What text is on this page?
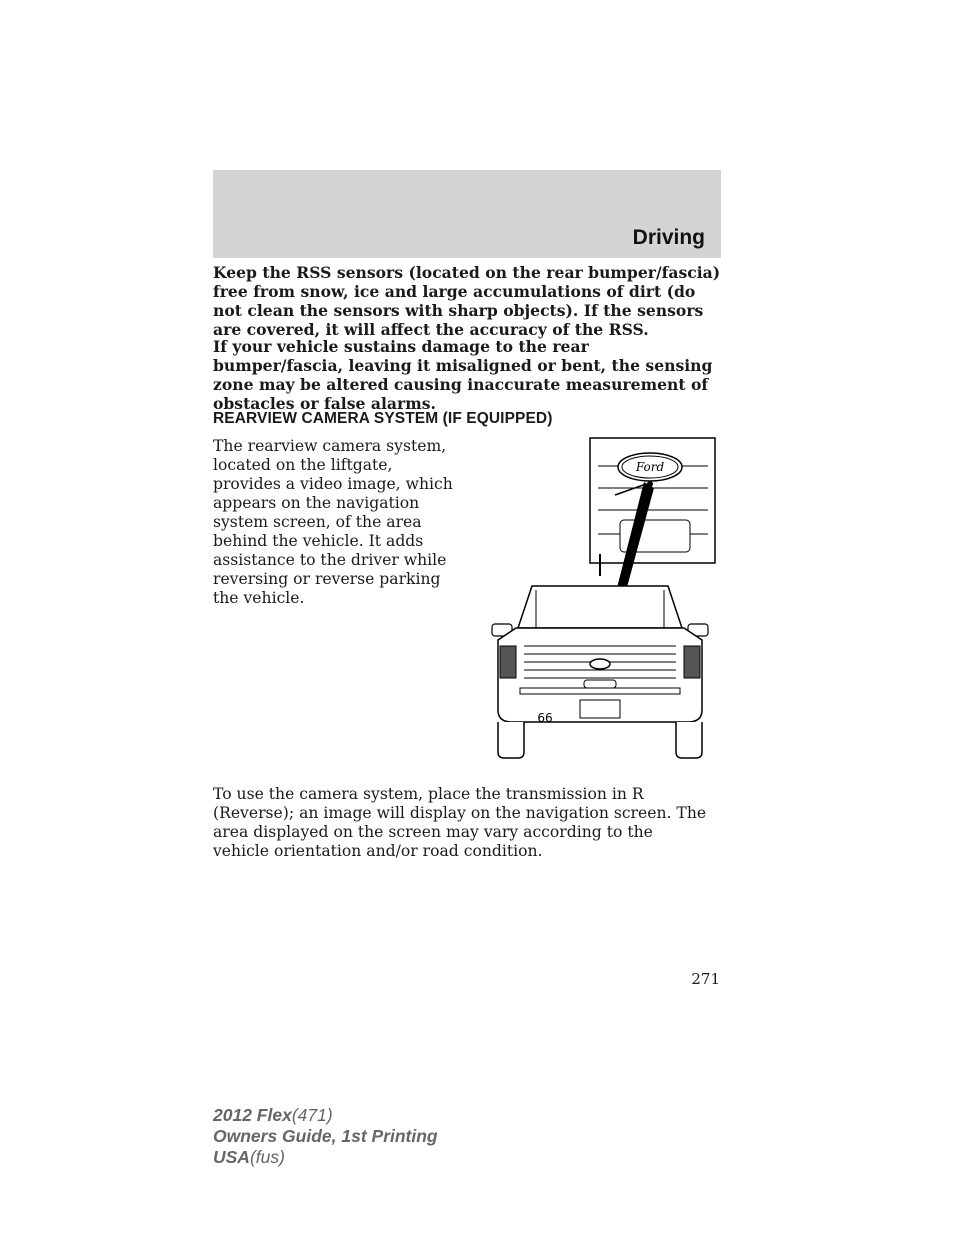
Driving

Keep the RSS sensors (located on the rear bumper/fascia) free from snow, ice and large accumulations of dirt (do not clean the sensors with sharp objects). If the sensors are covered, it will affect the accuracy of the RSS.

If your vehicle sustains damage to the rear bumper/fascia, leaving it misaligned or bent, the sensing zone may be altered causing inaccurate measurement of obstacles or false alarms.

REARVIEW CAMERA SYSTEM (IF EQUIPPED)

The rearview camera system, located on the liftgate, provides a video image, which appears on the navigation system screen, of the area behind the vehicle. It adds assistance to the driver while reversing or reverse parking the vehicle.

Ford
66

To use the camera system, place the transmission in R (Reverse); an image will display on the navigation screen. The area displayed on the screen may vary according to the vehicle orientation and/or road condition.

271

2012 Flex(471)
Owners Guide, 1st Printing
USA(fus)
